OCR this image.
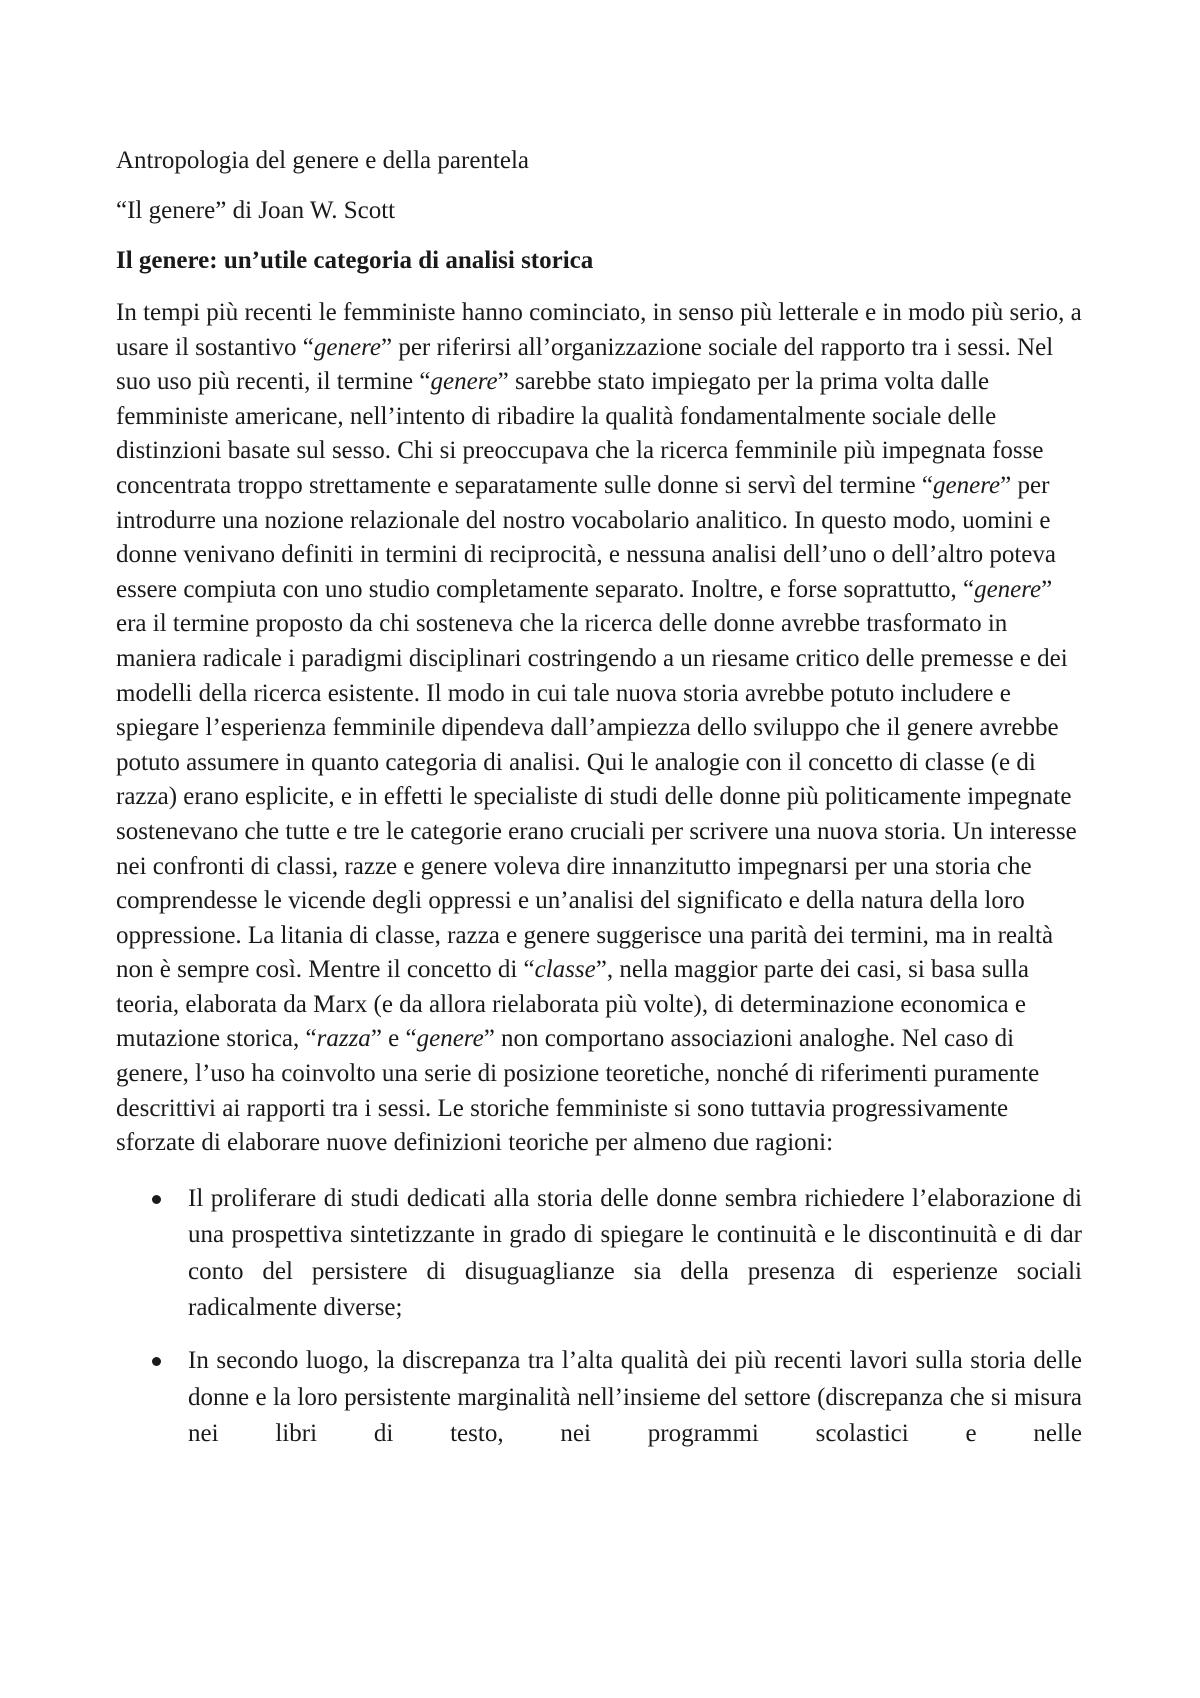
Antropologia del genere e della parentela

“Il genere” di Joan W. Scott

Il genere: un’utile categoria di analisi storica

In tempi più recenti le femministe hanno cominciato, in senso più letterale e in modo più serio, a usare il sostantivo “genere” per riferirsi all’organizzazione sociale del rapporto tra i sessi. Nel suo uso più recenti, il termine “genere” sarebbe stato impiegato per la prima volta dalle femministe americane, nell’intento di ribadire la qualità fondamentalmente sociale delle distinzioni basate sul sesso. Chi si preoccupava che la ricerca femminile più impegnata fosse concentrata troppo strettamente e separatamente sulle donne si servì del termine “genere” per introdurre una nozione relazionale del nostro vocabolario analitico. In questo modo, uomini e donne venivano definiti in termini di reciprocità, e nessuna analisi dell’uno o dell’altro poteva essere compiuta con uno studio completamente separato. Inoltre, e forse soprattutto, “genere” era il termine proposto da chi sosteneva che la ricerca delle donne avrebbe trasformato in maniera radicale i paradigmi disciplinari costringendo a un riesame critico delle premesse e dei modelli della ricerca esistente. Il modo in cui tale nuova storia avrebbe potuto includere e spiegare l’esperienza femminile dipendeva dall’ampiezza dello sviluppo che il genere avrebbe potuto assumere in quanto categoria di analisi. Qui le analogie con il concetto di classe (e di razza) erano esplicite, e in effetti le specialiste di studi delle donne più politicamente impegnate sostenevano che tutte e tre le categorie erano cruciali per scrivere una nuova storia. Un interesse nei confronti di classi, razze e genere voleva dire innanzitutto impegnarsi per una storia che comprendesse le vicende degli oppressi e un’analisi del significato e della natura della loro oppressione. La litania di classe, razza e genere suggerisce una parità dei termini, ma in realtà non è sempre così. Mentre il concetto di “classe”, nella maggior parte dei casi, si basa sulla teoria, elaborata da Marx (e da allora rielaborata più volte), di determinazione economica e mutazione storica, “razza” e “genere” non comportano associazioni analoghe. Nel caso di genere, l’uso ha coinvolto una serie di posizione teoretiche, nonché di riferimenti puramente descrittivi ai rapporti tra i sessi. Le storiche femministe si sono tuttavia progressivamente sforzate di elaborare nuove definizioni teoriche per almeno due ragioni:

Il proliferare di studi dedicati alla storia delle donne sembra richiedere l’elaborazione di una prospettiva sintetizzante in grado di spiegare le continuità e le discontinuità e di dar conto del persistere di disuguaglianze sia della presenza di esperienze sociali radicalmente diverse;
In secondo luogo, la discrepanza tra l’alta qualità dei più recenti lavori sulla storia delle donne e la loro persistente marginalità nell’insieme del settore (discrepanza che si misura nei libri di testo, nei programmi scolastici e nelle
